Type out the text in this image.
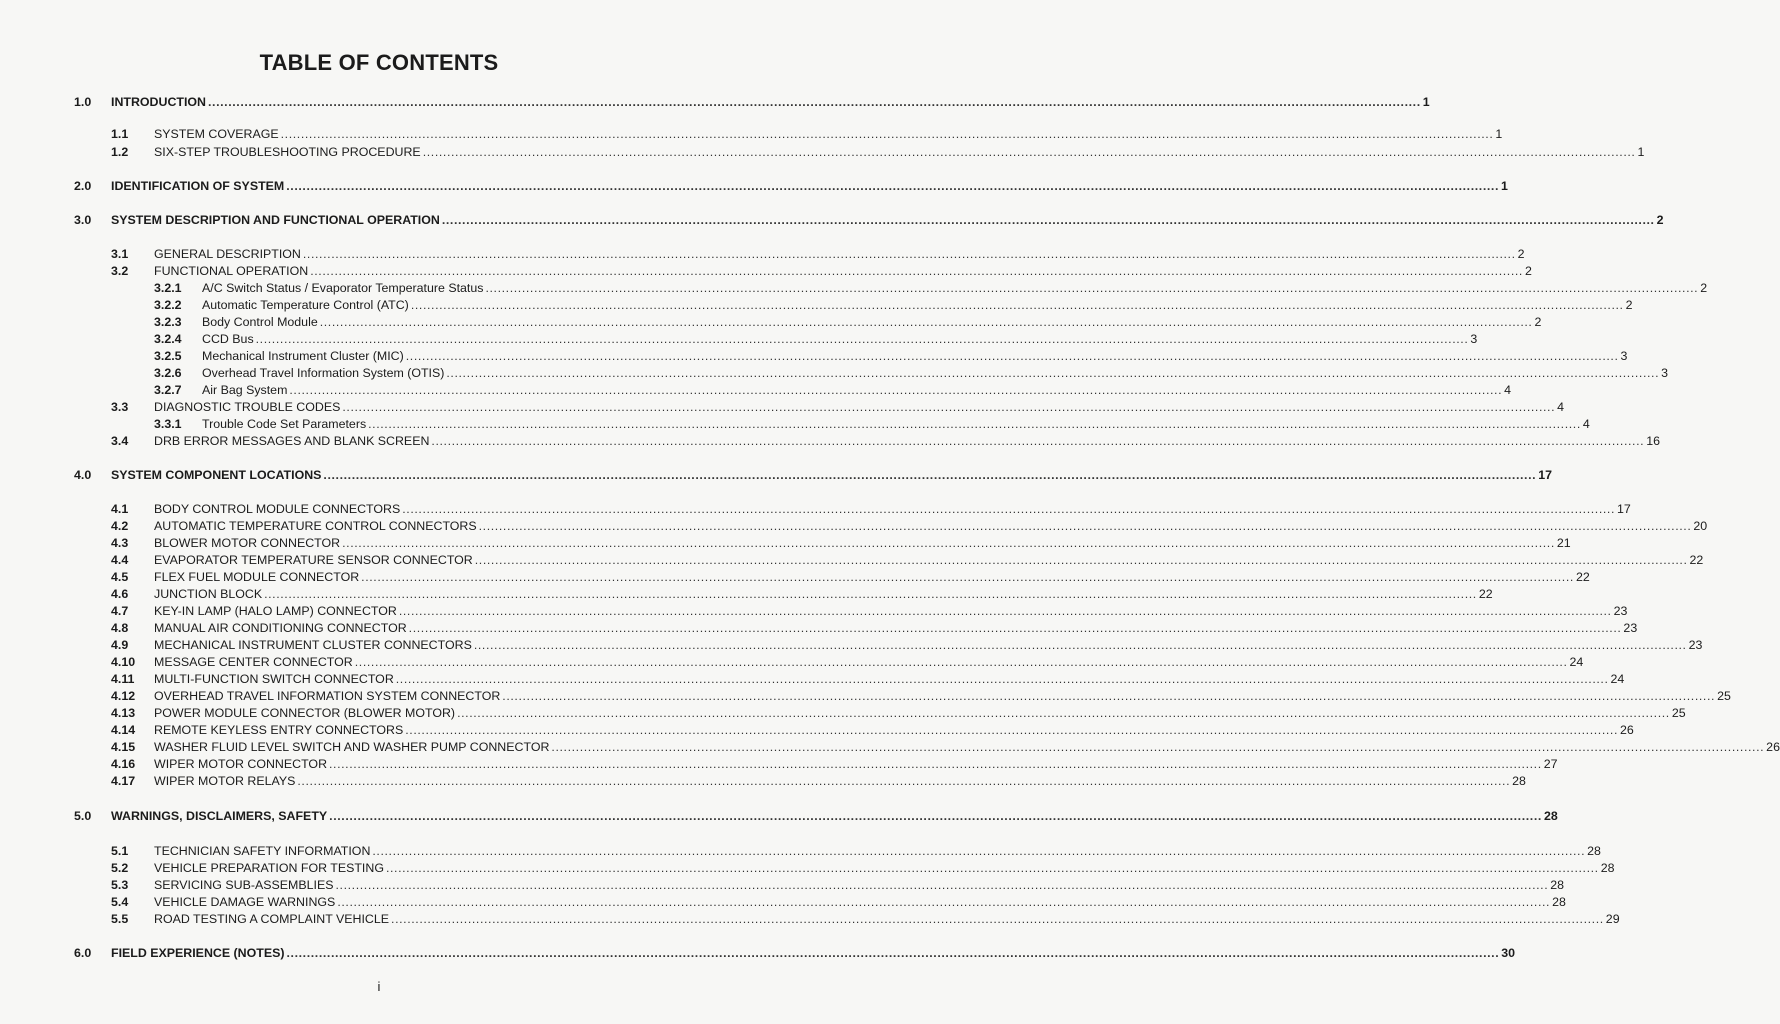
TABLE OF CONTENTS
1.0 INTRODUCTION ............................................................................................................................................................................................................................................................................................................ 1
1.1 SYSTEM COVERAGE ............................................................................................................................................................................................................................................................................................................ 1
1.2 SIX-STEP TROUBLESHOOTING PROCEDURE ............................................................................................................................................................................................................................................................................................................ 1
2.0 IDENTIFICATION OF SYSTEM ............................................................................................................................................................................................................................................................................................................ 1
3.0 SYSTEM DESCRIPTION AND FUNCTIONAL OPERATION ............................................................................................................................................................................................................................................................................................................ 2
3.1 GENERAL DESCRIPTION ............................................................................................................................................................................................................................................................................................................ 2
3.2 FUNCTIONAL OPERATION ............................................................................................................................................................................................................................................................................................................ 2
3.2.1 A/C Switch Status / Evaporator Temperature Status ............................................................................................................................................................................................................................................................................................................ 2
3.2.2 Automatic Temperature Control (ATC) ............................................................................................................................................................................................................................................................................................................ 2
3.2.3 Body Control Module ............................................................................................................................................................................................................................................................................................................ 2
3.2.4 CCD Bus ............................................................................................................................................................................................................................................................................................................ 3
3.2.5 Mechanical Instrument Cluster (MIC) ............................................................................................................................................................................................................................................................................................................ 3
3.2.6 Overhead Travel Information System (OTIS) ............................................................................................................................................................................................................................................................................................................ 3
3.2.7 Air Bag System ............................................................................................................................................................................................................................................................................................................ 4
3.3 DIAGNOSTIC TROUBLE CODES ............................................................................................................................................................................................................................................................................................................ 4
3.3.1 Trouble Code Set Parameters ............................................................................................................................................................................................................................................................................................................ 4
3.4 DRB ERROR MESSAGES AND BLANK SCREEN ............................................................................................................................................................................................................................................................................................................ 16
4.0 SYSTEM COMPONENT LOCATIONS ............................................................................................................................................................................................................................................................................................................ 17
4.1 BODY CONTROL MODULE CONNECTORS ............................................................................................................................................................................................................................................................................................................ 17
4.2 AUTOMATIC TEMPERATURE CONTROL CONNECTORS ............................................................................................................................................................................................................................................................................................................ 20
4.3 BLOWER MOTOR CONNECTOR ............................................................................................................................................................................................................................................................................................................ 21
4.4 EVAPORATOR TEMPERATURE SENSOR CONNECTOR ............................................................................................................................................................................................................................................................................................................ 22
4.5 FLEX FUEL MODULE CONNECTOR ............................................................................................................................................................................................................................................................................................................ 22
4.6 JUNCTION BLOCK ............................................................................................................................................................................................................................................................................................................ 22
4.7 KEY-IN LAMP (HALO LAMP) CONNECTOR ............................................................................................................................................................................................................................................................................................................ 23
4.8 MANUAL AIR CONDITIONING CONNECTOR ............................................................................................................................................................................................................................................................................................................ 23
4.9 MECHANICAL INSTRUMENT CLUSTER CONNECTORS ............................................................................................................................................................................................................................................................................................................ 23
4.10 MESSAGE CENTER CONNECTOR ............................................................................................................................................................................................................................................................................................................ 24
4.11 MULTI-FUNCTION SWITCH CONNECTOR ............................................................................................................................................................................................................................................................................................................ 24
4.12 OVERHEAD TRAVEL INFORMATION SYSTEM CONNECTOR ............................................................................................................................................................................................................................................................................................................ 25
4.13 POWER MODULE CONNECTOR (BLOWER MOTOR) ............................................................................................................................................................................................................................................................................................................ 25
4.14 REMOTE KEYLESS ENTRY CONNECTORS ............................................................................................................................................................................................................................................................................................................ 26
4.15 WASHER FLUID LEVEL SWITCH AND WASHER PUMP CONNECTOR ............................................................................................................................................................................................................................................................................................................ 26
4.16 WIPER MOTOR CONNECTOR ............................................................................................................................................................................................................................................................................................................ 27
4.17 WIPER MOTOR RELAYS ............................................................................................................................................................................................................................................................................................................ 28
5.0 WARNINGS, DISCLAIMERS, SAFETY ............................................................................................................................................................................................................................................................................................................ 28
5.1 TECHNICIAN SAFETY INFORMATION ............................................................................................................................................................................................................................................................................................................ 28
5.2 VEHICLE PREPARATION FOR TESTING ............................................................................................................................................................................................................................................................................................................ 28
5.3 SERVICING SUB-ASSEMBLIES ............................................................................................................................................................................................................................................................................................................ 28
5.4 VEHICLE DAMAGE WARNINGS ............................................................................................................................................................................................................................................................................................................ 28
5.5 ROAD TESTING A COMPLAINT VEHICLE ............................................................................................................................................................................................................................................................................................................ 29
6.0 FIELD EXPERIENCE (NOTES) ............................................................................................................................................................................................................................................................................................................ 30
i
